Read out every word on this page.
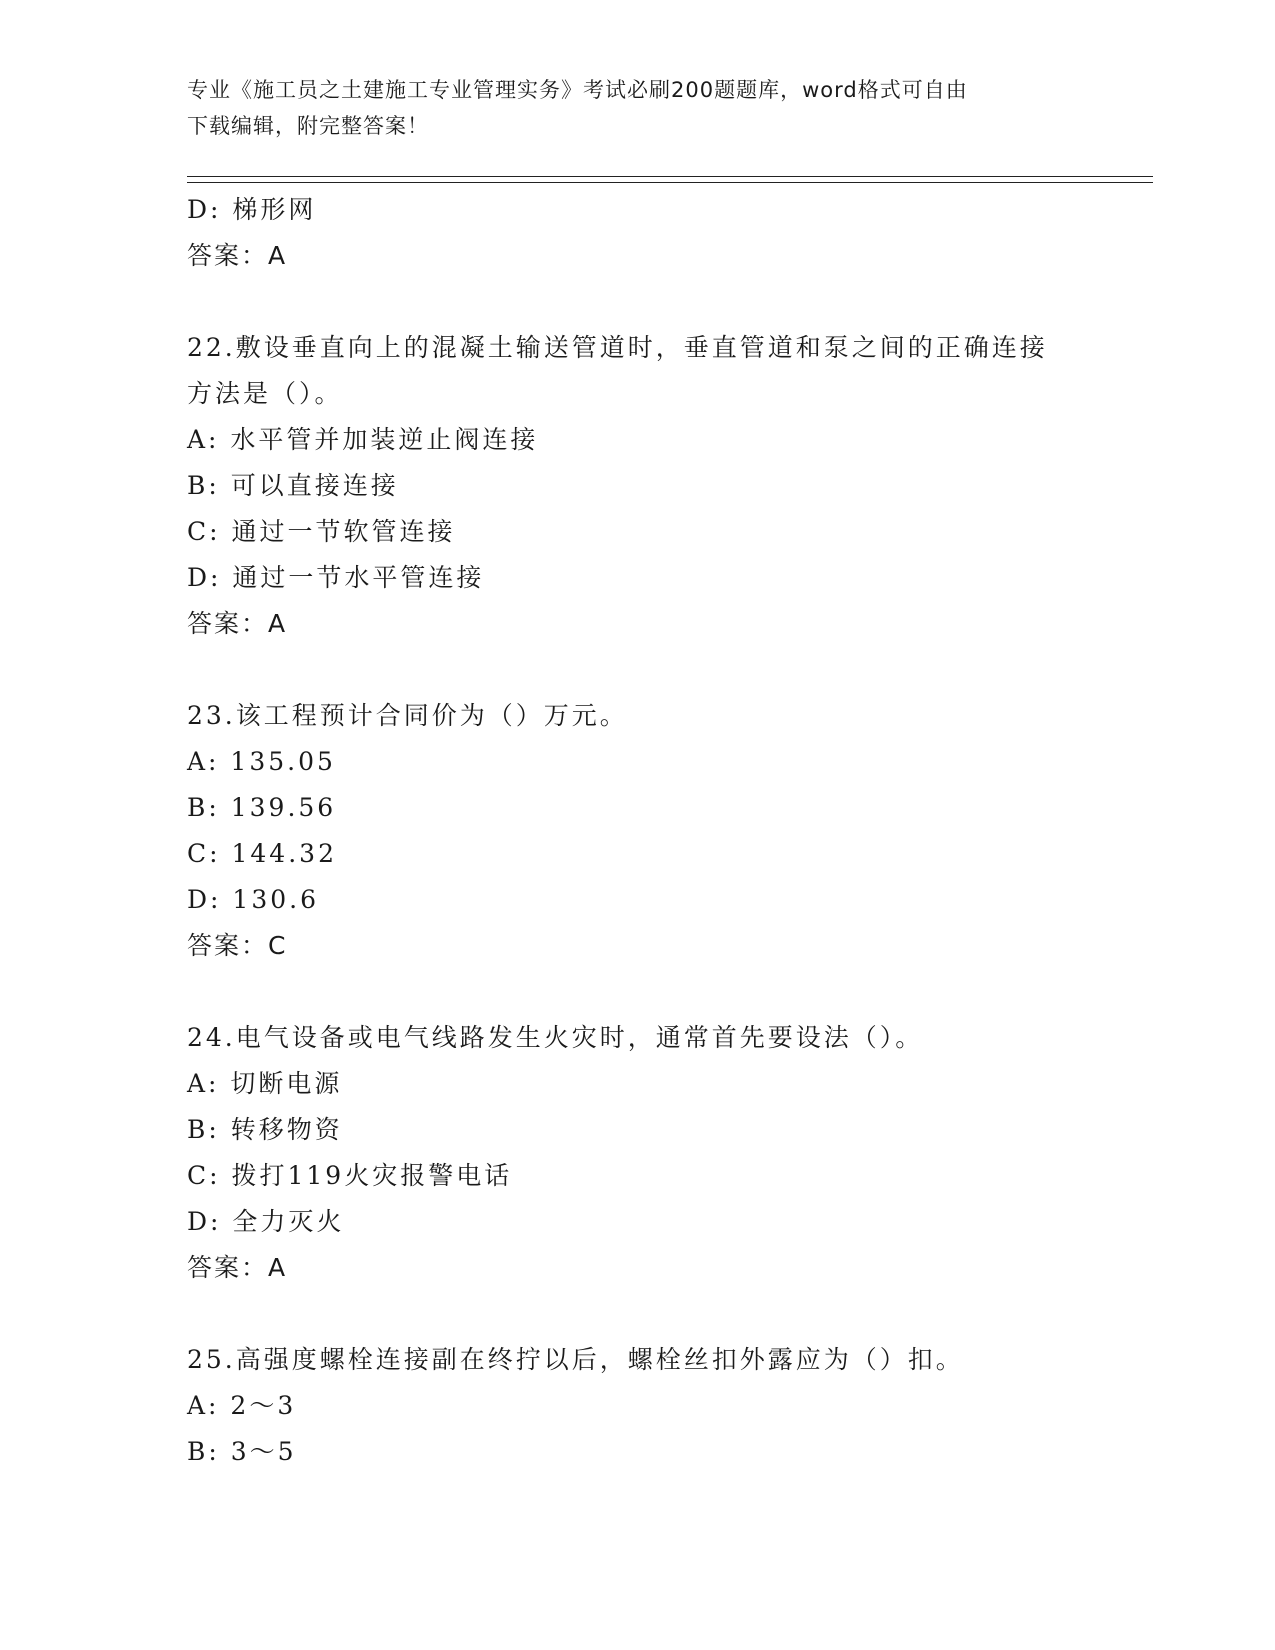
专业《施工员之土建施工专业管理实务》考试必刷200题题库，word格式可自由
下载编辑，附完整答案！
D: 梯形网
答案：A
22.敷设垂直向上的混凝土输送管道时，垂直管道和泵之间的正确连接
方法是（）。
A: 水平管并加装逆止阀连接
B: 可以直接连接
C: 通过一节软管连接
D: 通过一节水平管连接
答案：A
23.该工程预计合同价为（）万元。
A: 135.05
B: 139.56
C: 144.32
D: 130.6
答案：C
24.电气设备或电气线路发生火灾时，通常首先要设法（）。
A: 切断电源
B: 转移物资
C: 拨打119火灾报警电话
D: 全力灭火
答案：A
25.高强度螺栓连接副在终拧以后，螺栓丝扣外露应为（）扣。
A: 2～3
B: 3～5
